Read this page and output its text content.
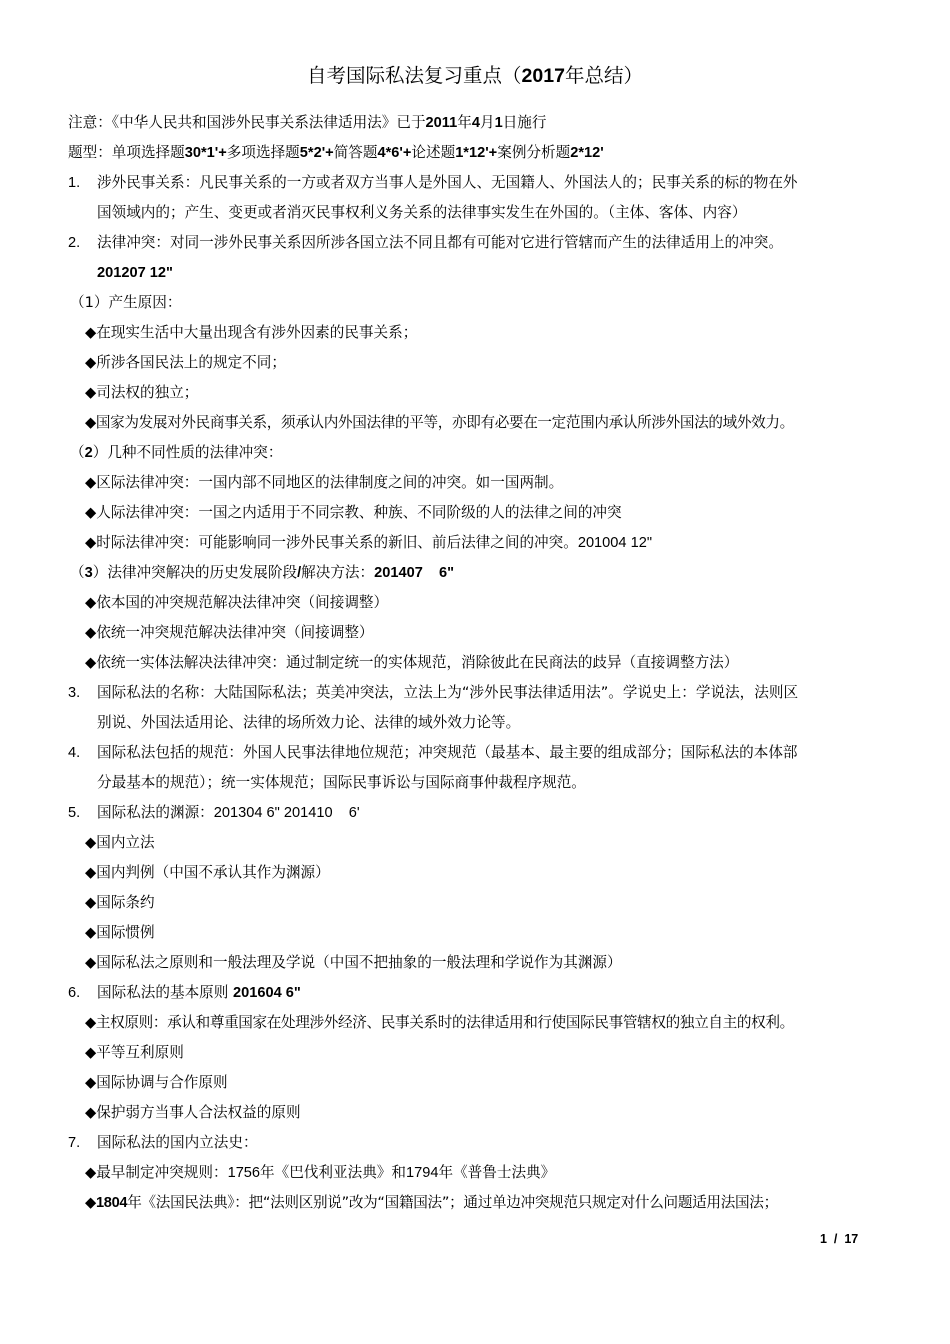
自考国际私法复习重点（2017年总结）
注意：《中华人民共和国涉外民事关系法律适用法》已于2011年4月1日施行
题型：单项选择题30*1'+多项选择题5*2'+简答题4*6'+论述题1*12'+案例分析题2*12'
1. 涉外民事关系：凡民事关系的一方或者双方当事人是外国人、无国籍人、外国法人的；民事关系的标的物在外
国领域内的；产生、变更或者消灭民事权利义务关系的法律事实发生在外国的。（主体、客体、内容）
2. 法律冲突：对同一涉外民事关系因所涉各国立法不同且都有可能对它进行管辖而产生的法律适用上的冲突。
201207 12"
（1）产生原因：
◆在现实生活中大量出现含有涉外因素的民事关系；
◆所涉各国民法上的规定不同；
◆司法权的独立；
◆国家为发展对外民商事关系，须承认内外国法律的平等，亦即有必要在一定范围内承认所涉外国法的域外效力。
（2）几种不同性质的法律冲突：
◆区际法律冲突：一国内部不同地区的法律制度之间的冲突。如一国两制。
◆人际法律冲突：一国之内适用于不同宗教、种族、不同阶级的人的法律之间的冲突
◆时际法律冲突：可能影响同一涉外民事关系的新旧、前后法律之间的冲突。201004 12"
（3）法律冲突解决的历史发展阶段/解决方法：201407    6"
◆依本国的冲突规范解决法律冲突（间接调整）
◆依统一冲突规范解决法律冲突（间接调整）
◆依统一实体法解决法律冲突：通过制定统一的实体规范，消除彼此在民商法的歧异（直接调整方法）
3. 国际私法的名称：大陆国际私法；英美冲突法，立法上为“涉外民事法律适用法”。学说史上：学说法，法则区
别说、外国法适用论、法律的场所效力论、法律的域外效力论等。
4. 国际私法包括的规范：外国人民事法律地位规范；冲突规范（最基本、最主要的组成部分；国际私法的本体部
分最基本的规范）；统一实体规范；国际民事诉讼与国际商事仲裁程序规范。
5. 国际私法的渊源：201304 6" 201410    6'
◆国内立法
◆国内判例（中国不承认其作为渊源）
◆国际条约
◆国际惯例
◆国际私法之原则和一般法理及学说（中国不把抽象的一般法理和学说作为其渊源）
6. 国际私法的基本原则 201604 6"
◆主权原则：承认和尊重国家在处理涉外经济、民事关系时的法律适用和行使国际民事管辖权的独立自主的权利。
◆平等互利原则
◆国际协调与合作原则
◆保护弱方当事人合法权益的原则
7. 国际私法的国内立法史：
◆最早制定冲突规则：1756年《巴伐利亚法典》和1794年《普鲁士法典》
◆1804年《法国民法典》：把“法则区别说”改为“国籍国法”；通过单边冲突规范只规定对什么问题适用法国法；
1  /  17
